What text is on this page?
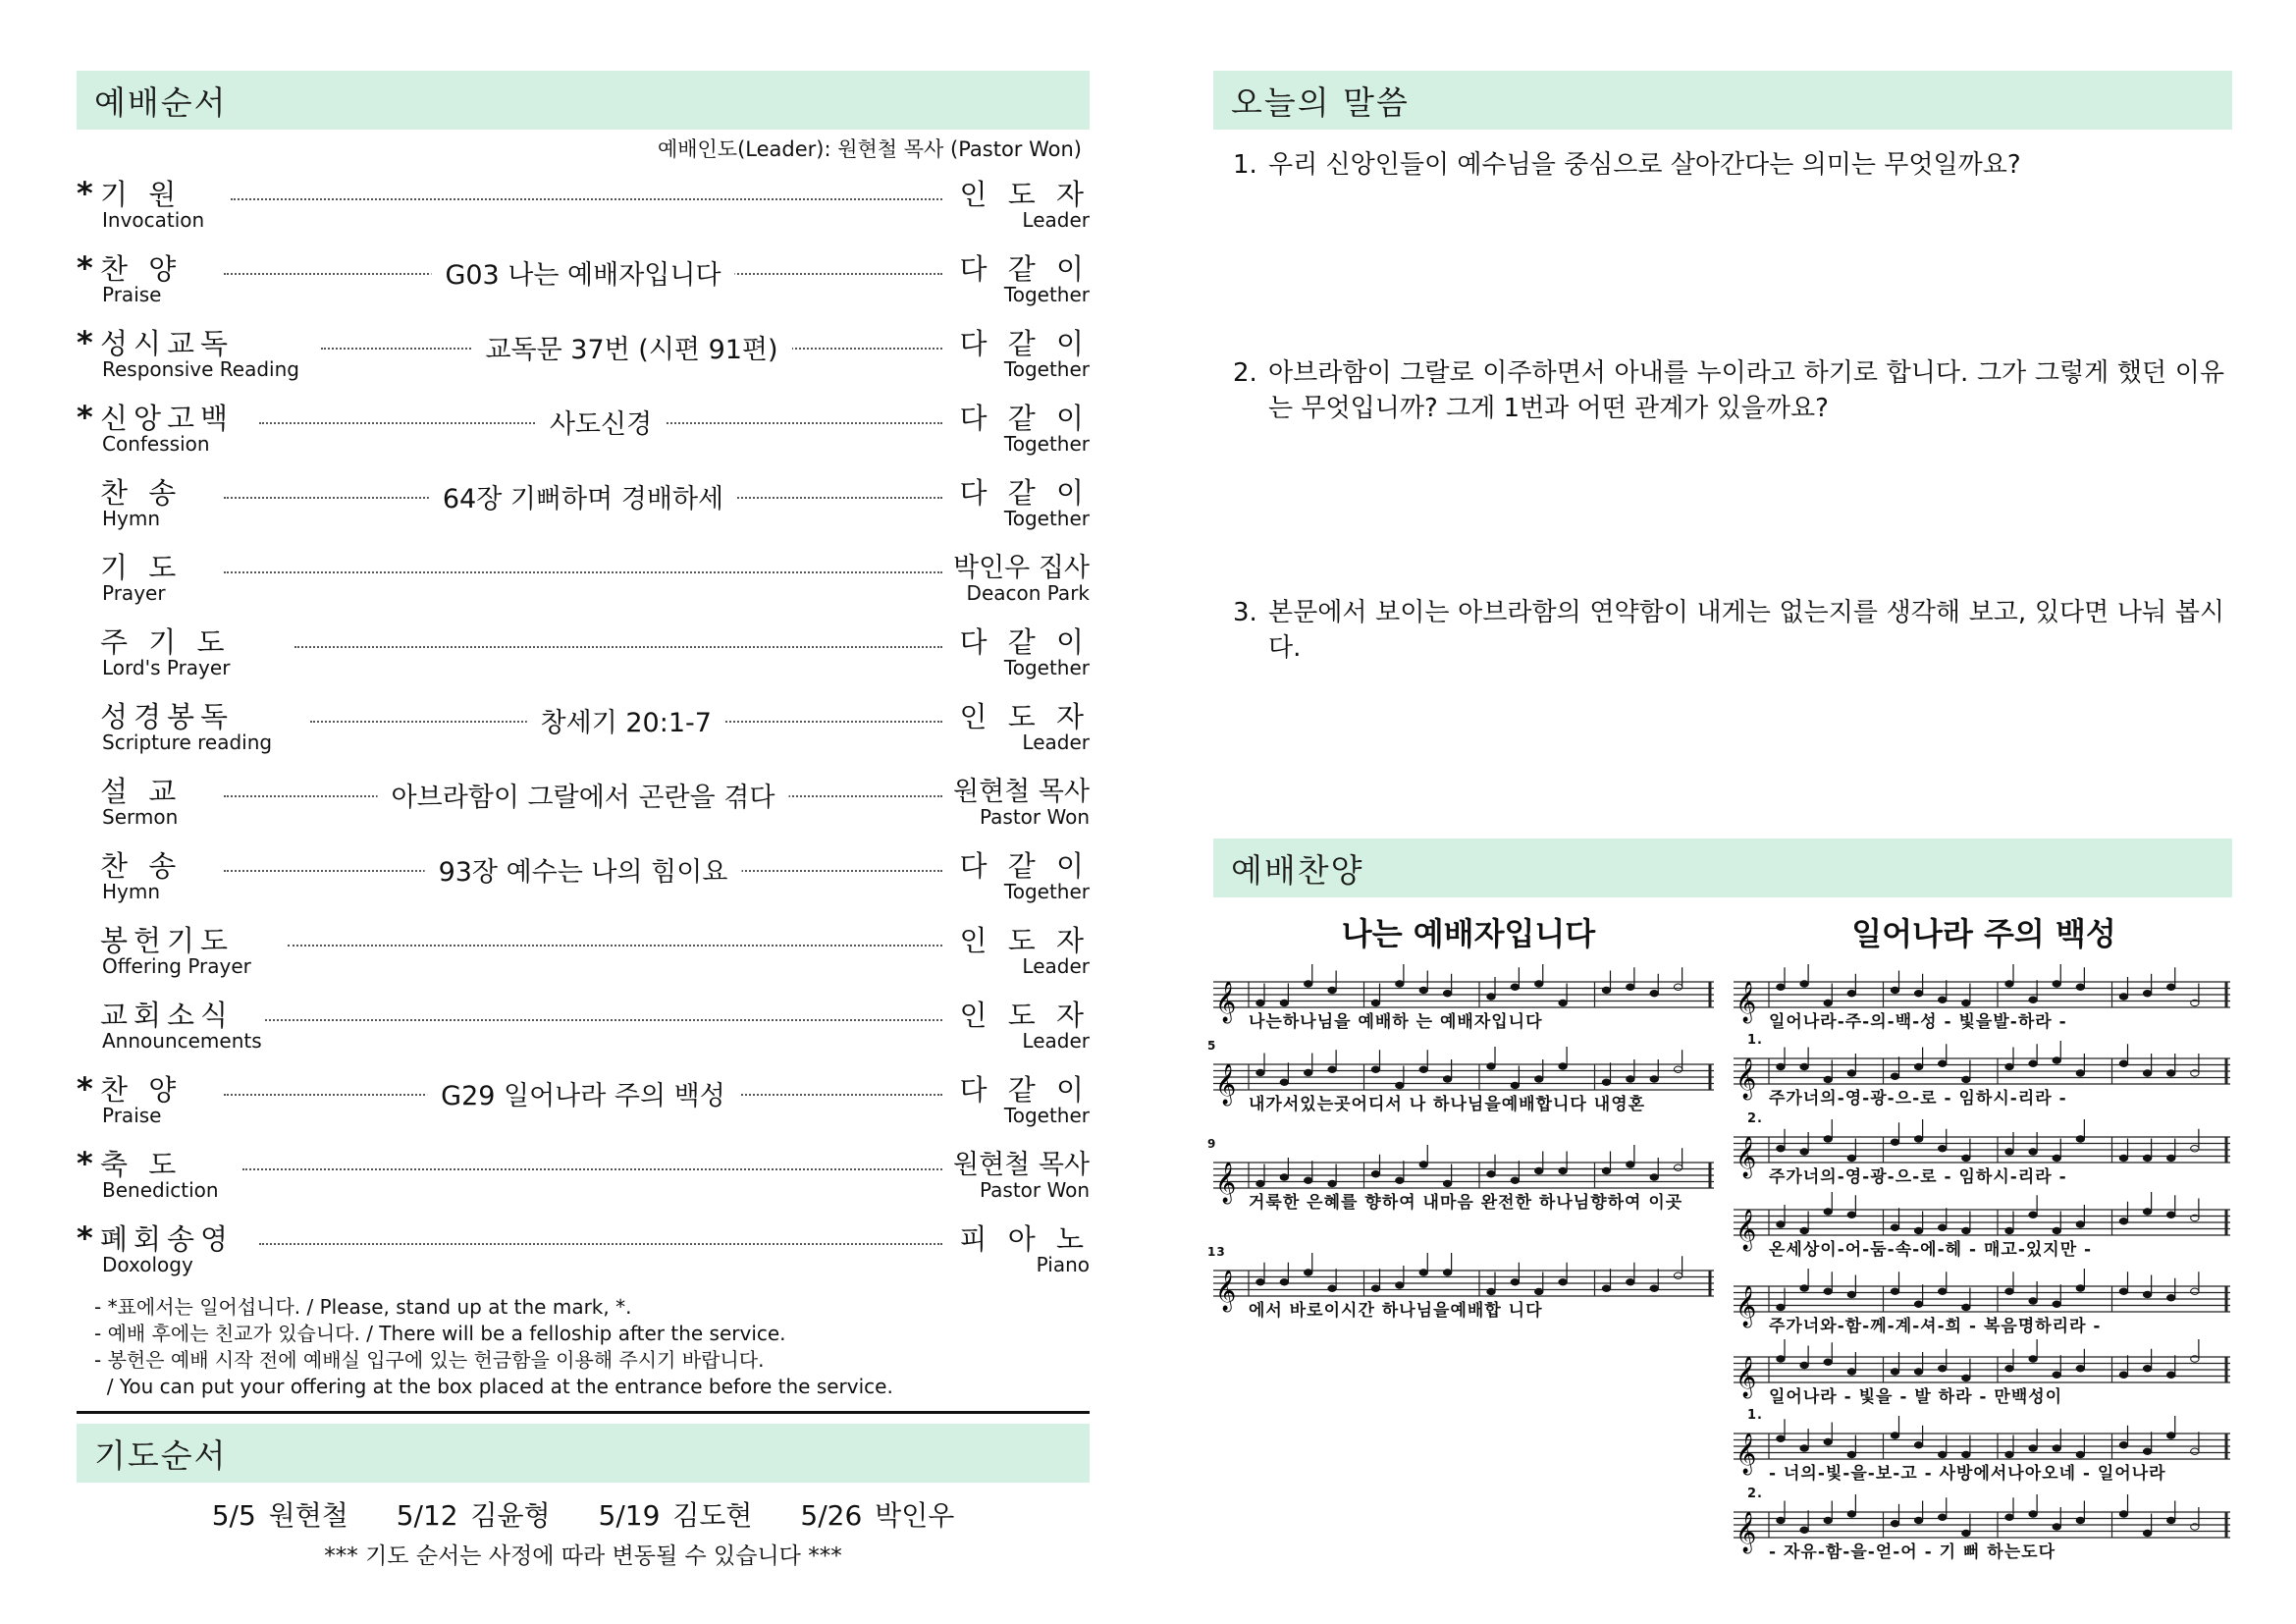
예배순서
예배인도(Leader): 원현철 목사 (Pastor Won)
* 기 원
Invocation
인 도 자
Leader
* 찬 양
Praise
G03 나는 예배자입니다	다 같 이
Together
* 성시교독
Responsive Reading
교독문 37번 (시편 91편)	다 같 이
Together
* 신앙고백
Confession
사도신경	다 같 이
Together
찬 송
Hymn
64장 기뻐하며 경배하세	다 같 이
Together
기 도
Prayer
박인우 집사
Deacon Park
주 기 도
Lord's Prayer
다 같 이
Together
성경봉독
Scripture reading
창세기 20:1-7	인 도 자
Leader
설 교
Sermon
아브라함이 그랄에서 곤란을 겪다	원현철 목사
Pastor Won
찬 송
Hymn
93장 예수는 나의 힘이요	다 같 이
Together
봉헌기도
Offering Prayer
인 도 자
Leader
교회소식
Announcements
인 도 자
Leader
* 찬 양
Praise
G29 일어나라 주의 백성	다 같 이
Together
* 축 도
Benediction
원현철 목사
Pastor Won
* 폐회송영
Doxology
피 아 노
Piano
- *표에서는 일어섭니다. / Please, stand up at the mark, *.
- 예배 후에는 친교가 있습니다. / There will be a felloship after the service.
- 봉헌은 예배 시작 전에 예배실 입구에 있는 헌금함을 이용해 주시기 바랍니다.
/ You can put your offering at the box placed at the entrance before the service.
기도순서
5/5 원현철 5/12 김윤형 5/19 김도현 5/26 박인우
*** 기도 순서는 사정에 따라 변동될 수 있습니다 ***
오늘의 말씀
1. 우리 신앙인들이 예수님을 중심으로 살아간다는 의미는 무엇일까요?
2. 아브라함이 그랄로 이주하면서 아내를 누이라고 하기로 합니다. 그가 그렇게 했던 이유는 무엇입니까? 그게 1번과 어떤 관계가 있을까요?
3. 본문에서 보이는 아브라함의 연약함이 내게는 없는지를 생각해 보고, 있다면 나눠 봅시다.
예배찬양
나는 예배자입니다	일어나라 주의 백성
𝄞 나는하나님을 예배하 는 예배자입니다
𝄞
5
내가서있는곳어디서 나 하나님을예배합니다 내영혼
𝄞
9
거룩한 은혜를 향하여 내마음 완전한 하나님향하여 이곳
𝄞
13
에서 바로이시간 하나님을예배합 니다
𝄞 일어나라-주-의-백-성 - 빛을발-하라 -
𝄞
1.
주가너의-영-광-으-로 - 임하시-리라 -
𝄞
2.
주가너의-영-광-으-로 - 임하시-리라 -
𝄞 온세상이-어-둠-속-에-헤 - 매고-있지만 -
𝄞 주가너와-함-께-계-셔-희 - 복음명하리라 -
𝄞 일어나라 - 빛을 - 발 하라 - 만백성이
𝄞
1.
- 너의-빛-을-보-고 - 사방에서나아오네 - 일어나라
𝄞
2.
- 자유-함-을-얻-어 - 기 뻐 하는도다
